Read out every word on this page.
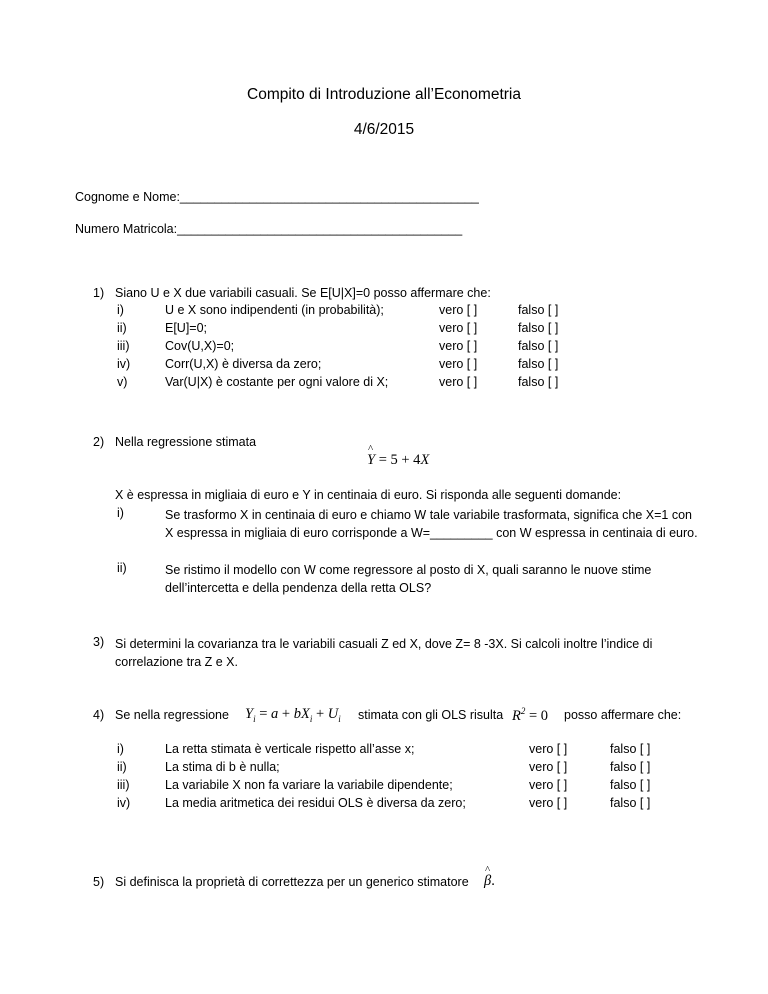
Compito di Introduzione all’Econometria
4/6/2015
Cognome e Nome:___________________________________________
Numero Matricola:_________________________________________
1) Siano U e X due variabili casuali. Se E[U|X]=0 posso affermare che:
i)	U e X sono indipendenti (in probabilità);	vero [ ]	falso [ ]
ii)	E[U]=0;	vero [ ]	falso [ ]
iii)	Cov(U,X)=0;	vero [ ]	falso [ ]
iv)	Corr(U,X) è diversa da zero;	vero [ ]	falso [ ]
v)	Var(U|X) è costante per ogni valore di X;	vero [ ]	falso [ ]
2) Nella regressione stimata
^ Y = 5 + 4X
X è espressa in migliaia di euro e Y in centinaia di euro. Si risponda alle seguenti domande:
i)	Se trasformo X in centinaia di euro e chiamo W tale variabile trasformata, significa che X=1 con X espressa in migliaia di euro corrisponde a W=_________ con W espressa in centinaia di euro.
ii)	Se ristimo il modello con W come regressore al posto di X, quali saranno le nuove stime dell’intercetta e della pendenza della retta OLS?
3) Si determini la covarianza tra le variabili casuali Z ed X, dove Z= 8 -3X. Si calcoli inoltre l’indice di correlazione tra Z e X.
4) Se nella regressione $Y_i = a + bX_i + U_i$ stimata con gli OLS risulta $R^2 = 0$ posso affermare che:
i)	La retta stimata è verticale rispetto all’asse x;	vero [ ]	falso [ ]
ii)	La stima di b è nulla;	vero [ ]	falso [ ]
iii)	La variabile X non fa variare la variabile dipendente;	vero [ ]	falso [ ]
iv)	La media aritmetica dei residui OLS è diversa da zero;	vero [ ]	falso [ ]
5) Si definisca la proprietà di correttezza per un generico stimatore
^ β.
